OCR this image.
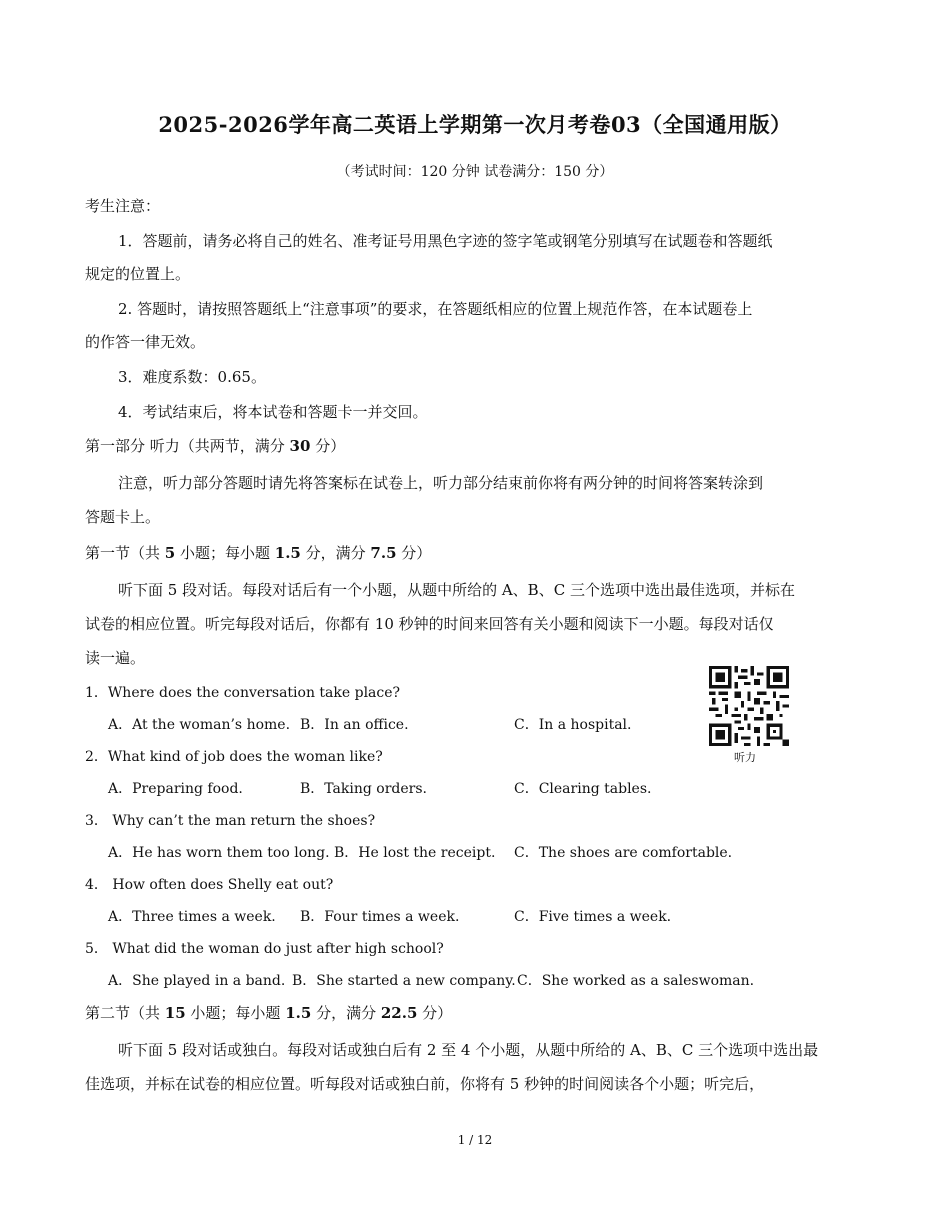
2025-2026学年高二英语上学期第一次月考卷03（全国通用版）
（考试时间：120 分钟 试卷满分：150 分）
考生注意：
1．答题前，请务必将自己的姓名、准考证号用黑色字迹的签字笔或钢笔分别填写在试题卷和答题纸
规定的位置上。
2. 答题时，请按照答题纸上“注意事项”的要求，在答题纸相应的位置上规范作答，在本试题卷上
的作答一律无效。
3．难度系数：0.65。
4．考试结束后，将本试卷和答题卡一并交回。
第一部分 听力（共两节，满分 30 分）
注意，听力部分答题时请先将答案标在试卷上，听力部分结束前你将有两分钟的时间将答案转涂到
答题卡上。
第一节（共 5 小题；每小题 1.5 分，满分 7.5 分）
听下面 5 段对话。每段对话后有一个小题，从题中所给的 A、B、C 三个选项中选出最佳选项，并标在
试卷的相应位置。听完每段对话后，你都有 10 秒钟的时间来回答有关小题和阅读下一小题。每段对话仅
读一遍。
听力
1．Where does the conversation take place?
A．At the woman’s home. B．In an office.	C．In a hospital.
2．What kind of job does the woman like?
A．Preparing food.	B．Taking orders.	C．Clearing tables.
3． Why can’t the man return the shoes?
A．He has worn them too long. B．He lost the receipt. C．The shoes are comfortable.
4． How often does Shelly eat out?
A．Three times a week. B．Four times a week.	C．Five times a week.
5． What did the woman do just after high school?
A．She played in a band. B．She started a new company. C．She worked as a saleswoman.
第二节（共 15 小题；每小题 1.5 分，满分 22.5 分）
听下面 5 段对话或独白。每段对话或独白后有 2 至 4 个小题，从题中所给的 A、B、C 三个选项中选出最
佳选项，并标在试卷的相应位置。听每段对话或独白前，你将有 5 秒钟的时间阅读各个小题；听完后，
1 / 12
